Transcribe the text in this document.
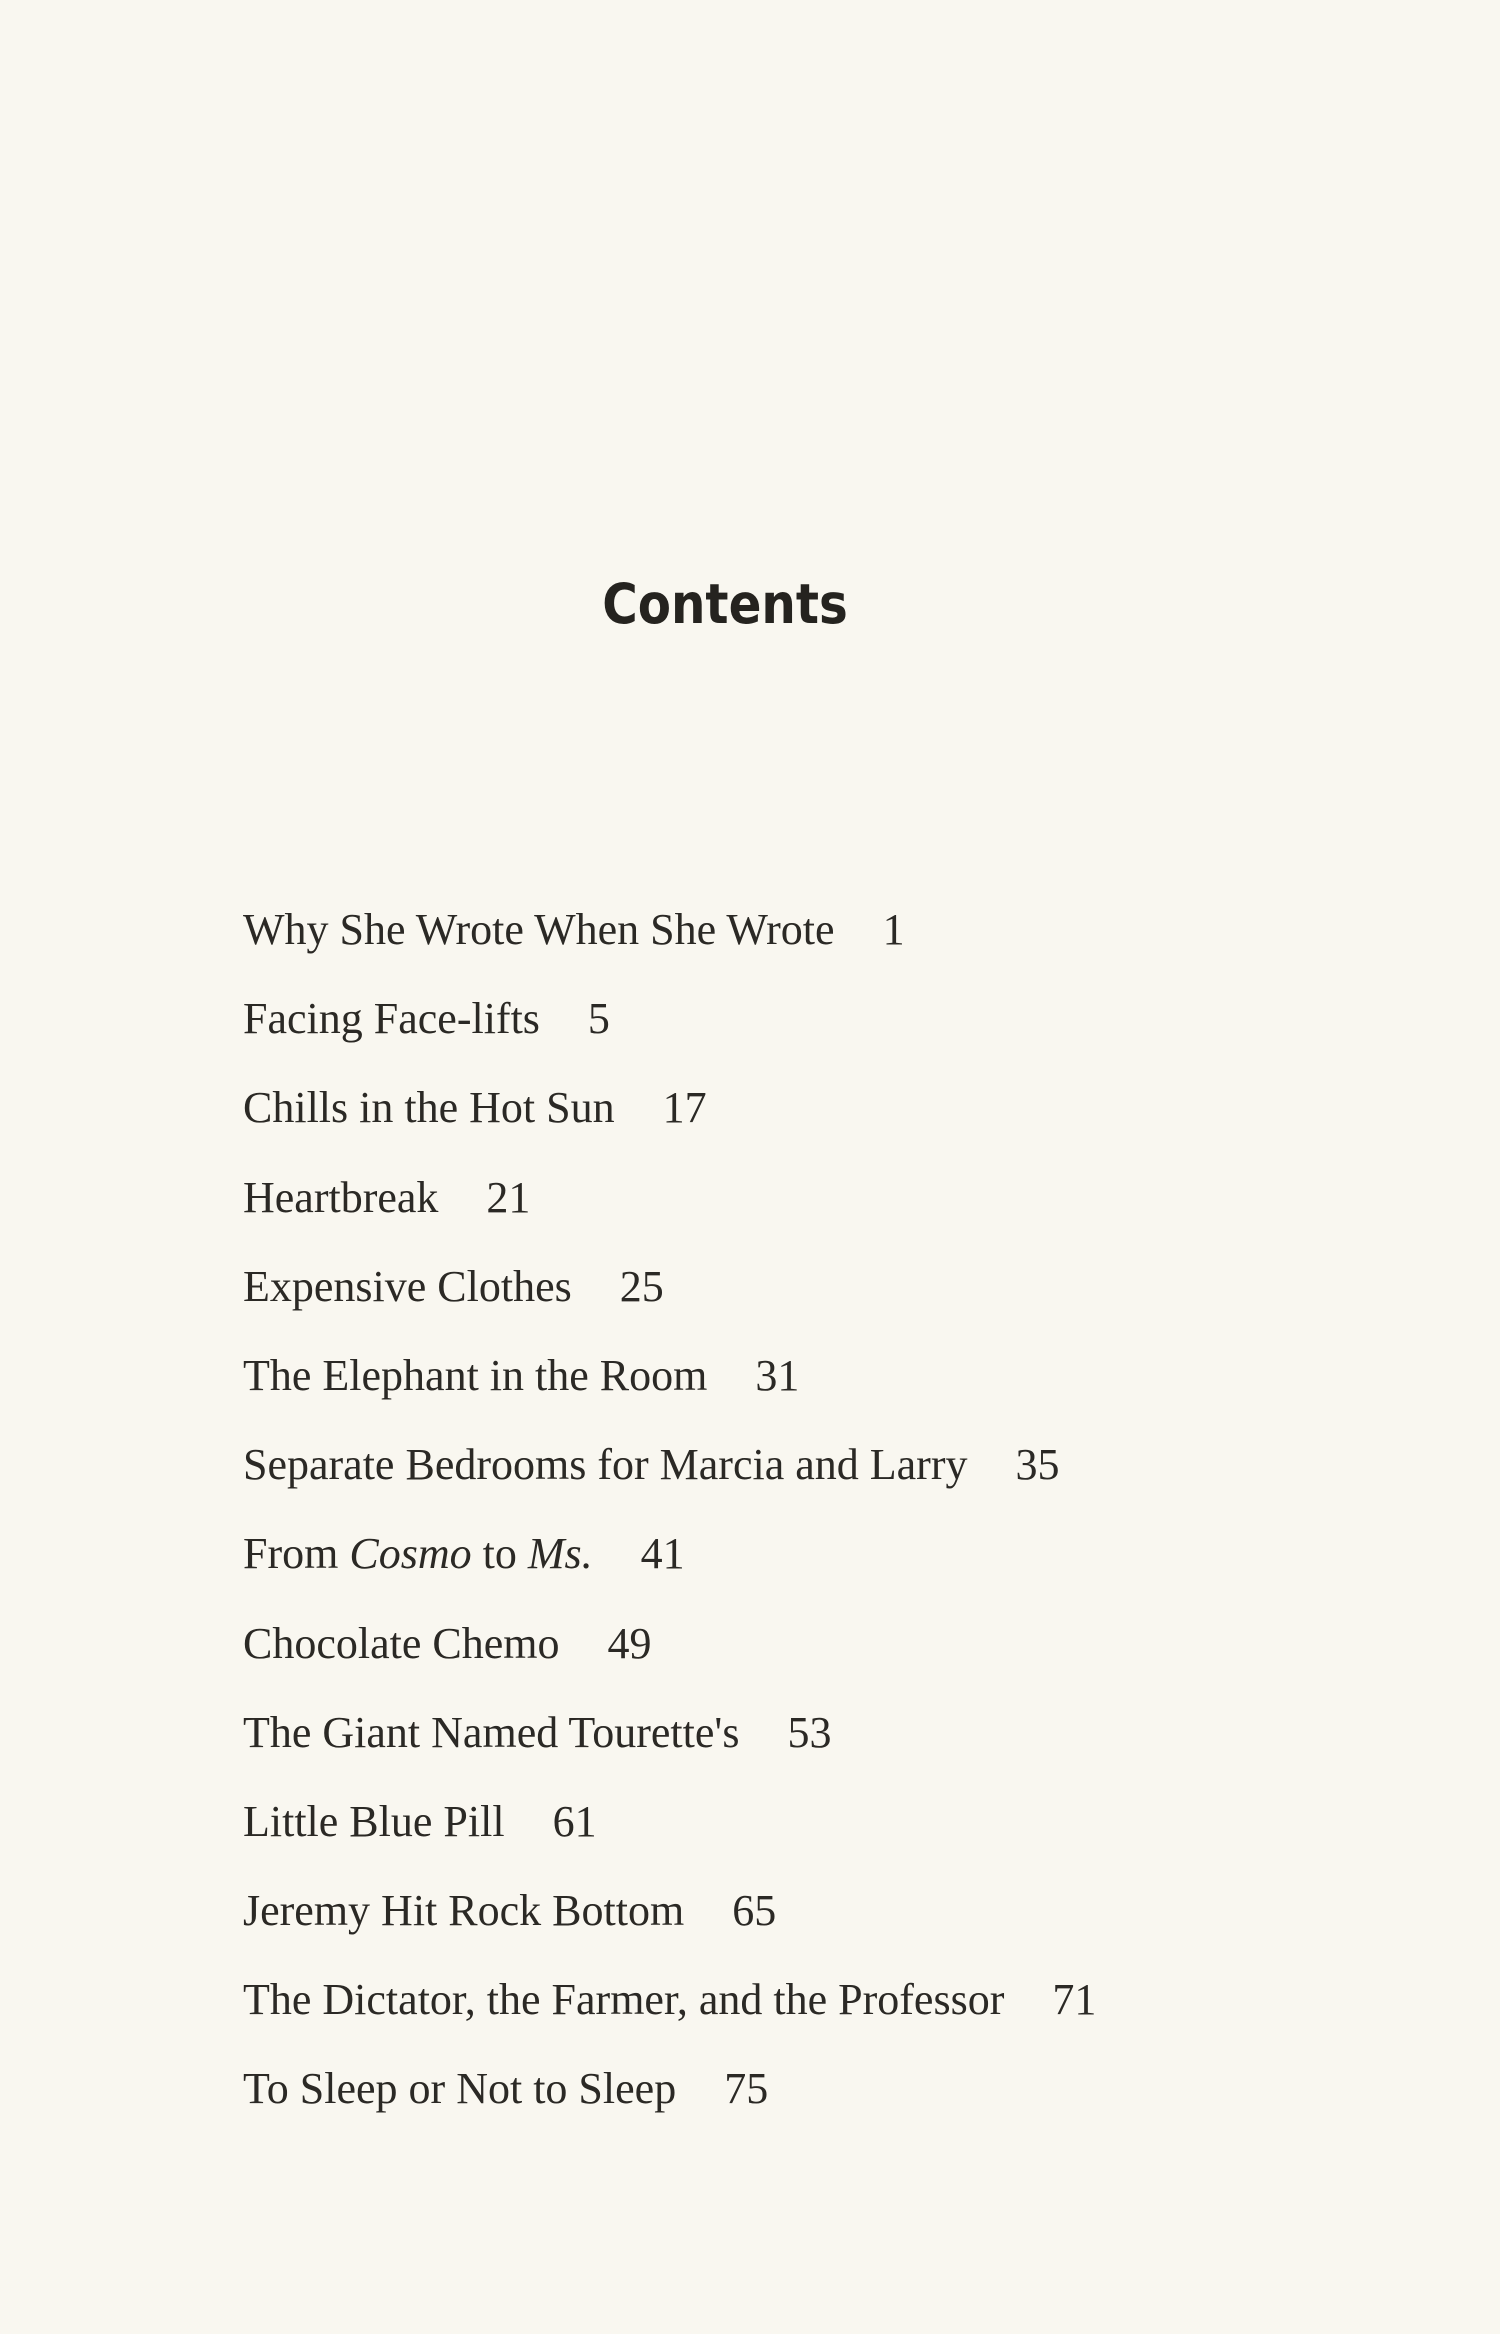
Contents
Why She Wrote When She Wrote 1
Facing Face-lifts 5
Chills in the Hot Sun 17
Heartbreak 21
Expensive Clothes 25
The Elephant in the Room 31
Separate Bedrooms for Marcia and Larry 35
From Cosmo to Ms. 41
Chocolate Chemo 49
The Giant Named Tourette's 53
Little Blue Pill 61
Jeremy Hit Rock Bottom 65
The Dictator, the Farmer, and the Professor 71
To Sleep or Not to Sleep 75
